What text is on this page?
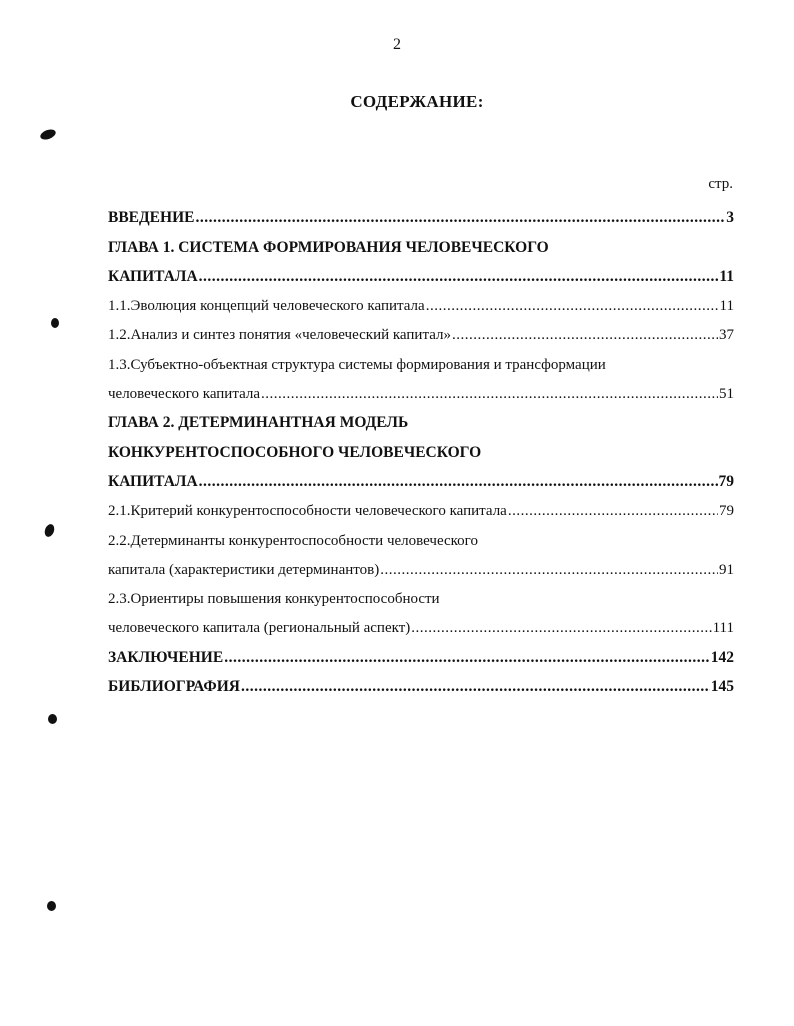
2
СОДЕРЖАНИЕ:
стр.
ВВЕДЕНИЕ .....	3
ГЛАВА 1. СИСТЕМА ФОРМИРОВАНИЯ ЧЕЛОВЕЧЕСКОГО
КАПИТАЛА .....	11
1.1.Эволюция концепций человеческого капитала .....	11
1.2.Анализ и синтез понятия «человеческий капитал» .....	37
1.3.Субъектно-объектная структура системы формирования и трансформации
человеческого капитала .....	51
ГЛАВА 2. ДЕТЕРМИНАНТНАЯ МОДЕЛЬ
КОНКУРЕНТОСПОСОБНОГО ЧЕЛОВЕЧЕСКОГО
КАПИТАЛА .....	79
2.1.Критерий конкурентоспособности человеческого капитала .....	79
2.2.Детерминанты конкурентоспособности человеческого
капитала (характеристики детерминантов) .....	91
2.3.Ориентиры повышения конкурентоспособности
человеческого капитала (региональный аспект) .....	111
ЗАКЛЮЧЕНИЕ .....	142
БИБЛИОГРАФИЯ .....	145
